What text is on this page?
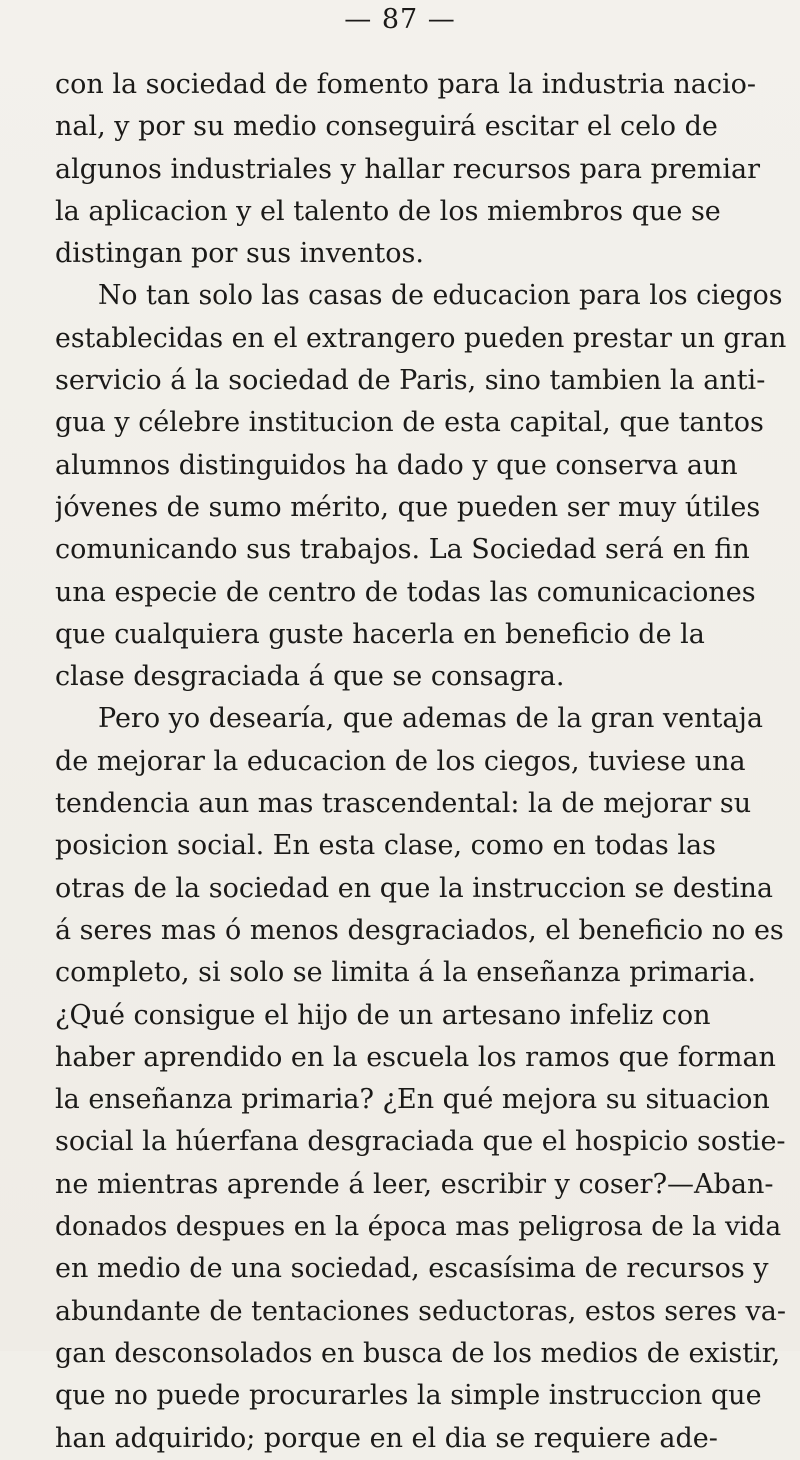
— 87 —
con la sociedad de fomento para la industria nacio-
nal, y por su medio conseguirá escitar el celo de
algunos industriales y hallar recursos para premiar
la aplicacion y el talento de los miembros que se
distingan por sus inventos.
No tan solo las casas de educacion para los ciegos
establecidas en el extrangero pueden prestar un gran
servicio á la sociedad de Paris, sino tambien la anti-
gua y célebre institucion de esta capital, que tantos
alumnos distinguidos ha dado y que conserva aun
jóvenes de sumo mérito, que pueden ser muy útiles
comunicando sus trabajos. La Sociedad será en fin
una especie de centro de todas las comunicaciones
que cualquiera guste hacerla en beneficio de la
clase desgraciada á que se consagra.
Pero yo desearía, que ademas de la gran ventaja
de mejorar la educacion de los ciegos, tuviese una
tendencia aun mas trascendental: la de mejorar su
posicion social. En esta clase, como en todas las
otras de la sociedad en que la instruccion se destina
á seres mas ó menos desgraciados, el beneficio no es
completo, si solo se limita á la enseñanza primaria.
¿Qué consigue el hijo de un artesano infeliz con
haber aprendido en la escuela los ramos que forman
la enseñanza primaria? ¿En qué mejora su situacion
social la húerfana desgraciada que el hospicio sostie-
ne mientras aprende á leer, escribir y coser?—Aban-
donados despues en la época mas peligrosa de la vida
en medio de una sociedad, escasísima de recursos y
abundante de tentaciones seductoras, estos seres va-
gan desconsolados en busca de los medios de existir,
que no puede procurarles la simple instruccion que
han adquirido; porque en el dia se requiere ade-
